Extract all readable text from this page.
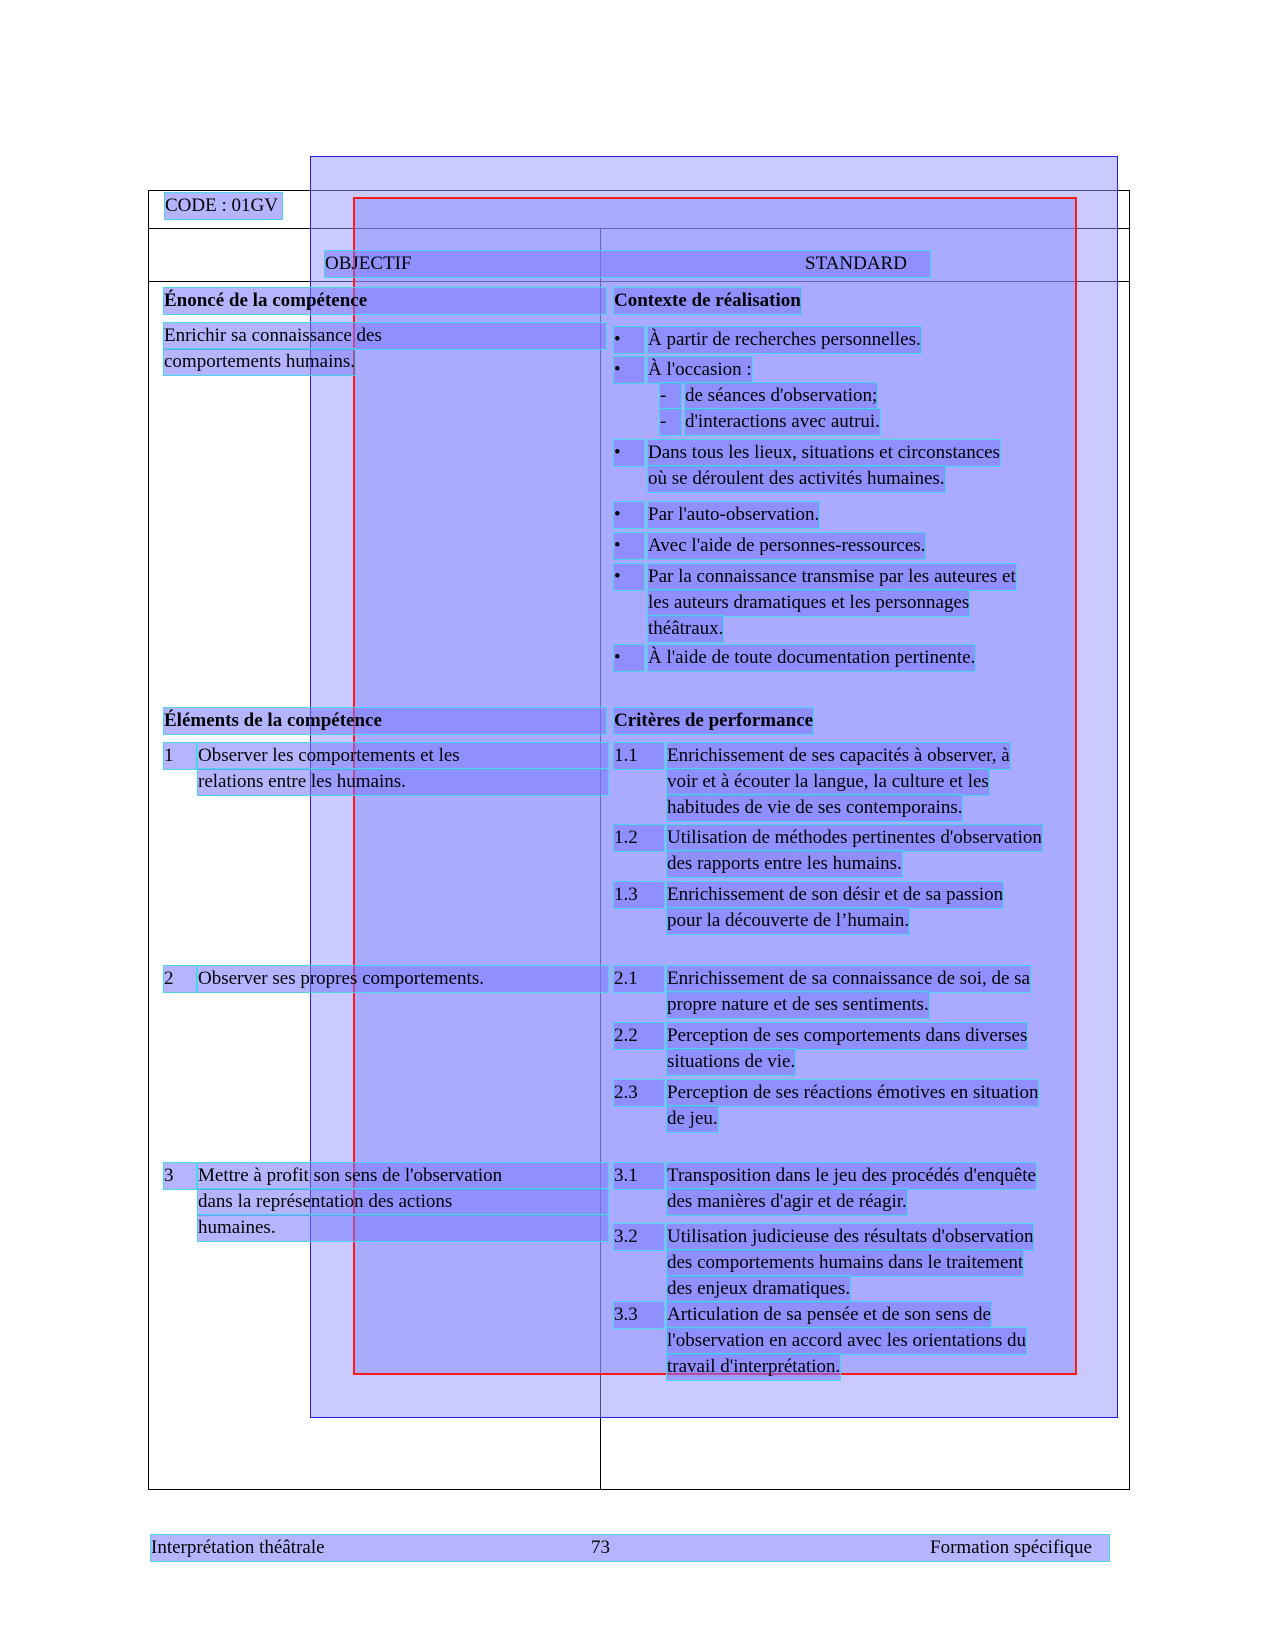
CODE : 01GV
OBJECTIF	STANDARD
Énoncé de la compétence
Enrichir sa connaissance des
comportements humains.
Contexte de réalisation
•	À partir de recherches personnelles.
•	À l'occasion :
- de séances d'observation;
- d'interactions avec autrui.
•	Dans tous les lieux, situations et circonstances
où se déroulent des activités humaines.
•	Par l'auto-observation.
•	Avec l'aide de personnes-ressources.
•	Par la connaissance transmise par les auteures et
les auteurs dramatiques et les personnages
théâtraux.
•	À l'aide de toute documentation pertinente.
Éléments de la compétence
1	Observer les comportements et les
relations entre les humains.
2	Observer ses propres comportements.
3	Mettre à profit son sens de l'observation
dans la représentation des actions
humaines.
Critères de performance
1.1	Enrichissement de ses capacités à observer, à
voir et à écouter la langue, la culture et les
habitudes de vie de ses contemporains.
1.2	Utilisation de méthodes pertinentes d'observation
des rapports entre les humains.
1.3	Enrichissement de son désir et de sa passion
pour la découverte de l’humain.
2.1	Enrichissement de sa connaissance de soi, de sa
propre nature et de ses sentiments.
2.2	Perception de ses comportements dans diverses
situations de vie.
2.3	Perception de ses réactions émotives en situation
de jeu.
3.1	Transposition dans le jeu des procédés d'enquête
des manières d'agir et de réagir.
3.2	Utilisation judicieuse des résultats d'observation
des comportements humains dans le traitement
des enjeux dramatiques.
3.3	Articulation de sa pensée et de son sens de
l'observation en accord avec les orientations du
travail d'interprétation.
Interprétation théâtrale	73	Formation spécifique
